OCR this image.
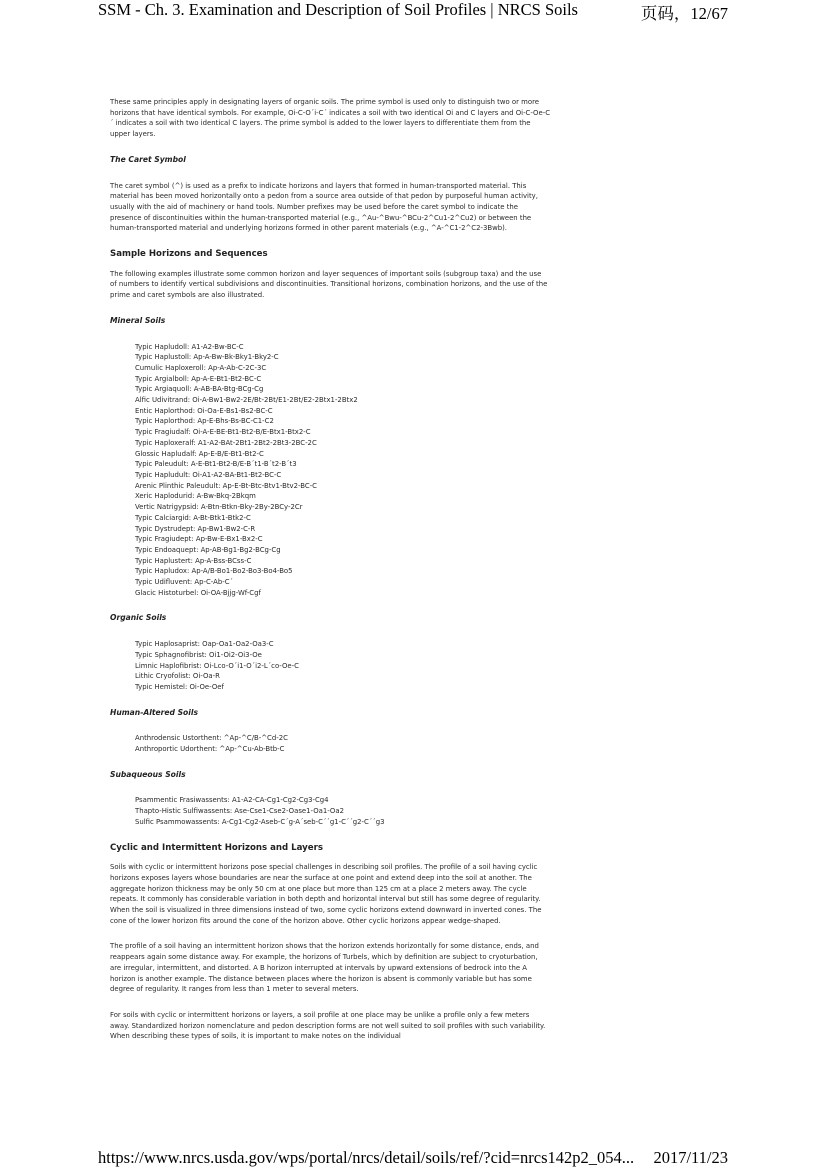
SSM - Ch. 3. Examination and Description of Soil Profiles | NRCS Soils	页码，12/67

These same principles apply in designating layers of organic soils. The prime symbol is used only to distinguish two or more horizons that have identical symbols. For example, Oi-C-O´i-C´ indicates a soil with two identical Oi and C layers and Oi-C-Oe-C´ indicates a soil with two identical C layers. The prime symbol is added to the lower layers to differentiate them from the upper layers.

The Caret Symbol

The caret symbol (^) is used as a prefix to indicate horizons and layers that formed in human-transported material. This material has been moved horizontally onto a pedon from a source area outside of that pedon by purposeful human activity, usually with the aid of machinery or hand tools. Number prefixes may be used before the caret symbol to indicate the presence of discontinuities within the human-transported material (e.g., ^Au-^Bwu-^BCu-2^Cu1-2^Cu2) or between the human-transported material and underlying horizons formed in other parent materials (e.g., ^A-^C1-2^C2-3Bwb).

Sample Horizons and Sequences

The following examples illustrate some common horizon and layer sequences of important soils (subgroup taxa) and the use of numbers to identify vertical subdivisions and discontinuities. Transitional horizons, combination horizons, and the use of the prime and caret symbols are also illustrated.

Mineral Soils
Typic Hapludoll: A1-A2-Bw-BC-C
Typic Haplustoll: Ap-A-Bw-Bk-Bky1-Bky2-C
Cumulic Haploxeroll: Ap-A-Ab-C-2C-3C
Typic Argialboll: Ap-A-E-Bt1-Bt2-BC-C
Typic Argiaquoll: A-AB-BA-Btg-BCg-Cg
Alfic Udivitrand: Oi-A-Bw1-Bw2-2E/Bt-2Bt/E1-2Bt/E2-2Btx1-2Btx2
Entic Haplorthod: Oi-Oa-E-Bs1-Bs2-BC-C
Typic Haplorthod: Ap-E-Bhs-Bs-BC-C1-C2
Typic Fragiudalf: Oi-A-E-BE-Bt1-Bt2-B/E-Btx1-Btx2-C
Typic Haploxeralf: A1-A2-BAt-2Bt1-2Bt2-2Bt3-2BC-2C
Glossic Hapludalf: Ap-E-B/E-Bt1-Bt2-C
Typic Paleudult: A-E-Bt1-Bt2-B/E-B´t1-B´t2-B´t3
Typic Hapludult: Oi-A1-A2-BA-Bt1-Bt2-BC-C
Arenic Plinthic Paleudult: Ap-E-Bt-Btc-Btv1-Btv2-BC-C
Xeric Haplodurid: A-Bw-Bkq-2Bkqm
Vertic Natrigypsid: A-Btn-Btkn-Bky-2By-2BCy-2Cr
Typic Calciargid: A-Bt-Btk1-Btk2-C
Typic Dystrudept: Ap-Bw1-Bw2-C-R
Typic Fragiudept: Ap-Bw-E-Bx1-Bx2-C
Typic Endoaquept: Ap-AB-Bg1-Bg2-BCg-Cg
Typic Haplustert: Ap-A-Bss-BCss-C
Typic Hapludox: Ap-A/B-Bo1-Bo2-Bo3-Bo4-Bo5
Typic Udifluvent: Ap-C-Ab-C´
Glacic Histoturbel: Oi-OA-Bjjg-Wf-Cgf
Organic Soils
Typic Haplosaprist: Oap-Oa1-Oa2-Oa3-C
Typic Sphagnofibrist: Oi1-Oi2-Oi3-Oe
Limnic Haplofibrist: Oi-Lco-O´i1-O´i2-L´co-Oe-C
Lithic Cryofolist: Oi-Oa-R
Typic Hemistel: Oi-Oe-Oef
Human-Altered Soils
Anthrodensic Ustorthent: ^Ap-^C/B-^Cd-2C
Anthroportic Udorthent: ^Ap-^Cu-Ab-Btb-C
Subaqueous Soils
Psammentic Frasiwassents: A1-A2-CA-Cg1-Cg2-Cg3-Cg4
Thapto-Histic Sulfiwassents: Ase-Cse1-Cse2-Oase1-Oa1-Oa2
Sulfic Psammowassents: A-Cg1-Cg2-Aseb-C´g-A´seb-C´´g1-C´´g2-C´´g3
Cyclic and Intermittent Horizons and Layers

Soils with cyclic or intermittent horizons pose special challenges in describing soil profiles. The profile of a soil having cyclic horizons exposes layers whose boundaries are near the surface at one point and extend deep into the soil at another. The aggregate horizon thickness may be only 50 cm at one place but more than 125 cm at a place 2 meters away. The cycle repeats. It commonly has considerable variation in both depth and horizontal interval but still has some degree of regularity. When the soil is visualized in three dimensions instead of two, some cyclic horizons extend downward in inverted cones. The cone of the lower horizon fits around the cone of the horizon above. Other cyclic horizons appear wedge-shaped.

The profile of a soil having an intermittent horizon shows that the horizon extends horizontally for some distance, ends, and reappears again some distance away. For example, the horizons of Turbels, which by definition are subject to cryoturbation, are irregular, intermittent, and distorted. A B horizon interrupted at intervals by upward extensions of bedrock into the A horizon is another example. The distance between places where the horizon is absent is commonly variable but has some degree of regularity. It ranges from less than 1 meter to several meters.

For soils with cyclic or intermittent horizons or layers, a soil profile at one place may be unlike a profile only a few meters away. Standardized horizon nomenclature and pedon description forms are not well suited to soil profiles with such variability. When describing these types of soils, it is important to make notes on the individual

https://www.nrcs.usda.gov/wps/portal/nrcs/detail/soils/ref/?cid=nrcs142p2_054... 2017/11/23
